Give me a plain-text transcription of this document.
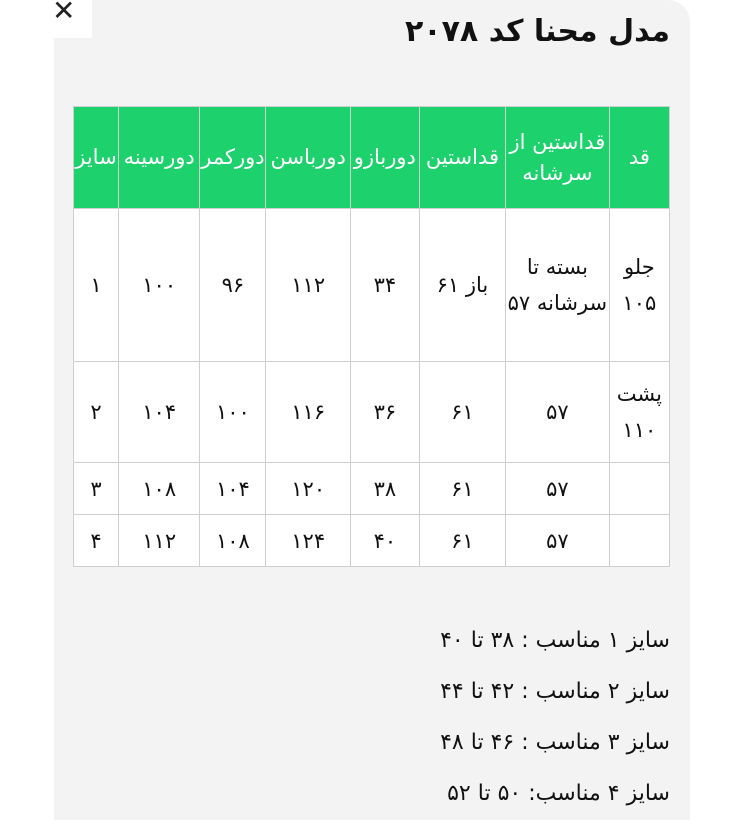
✕
مدل محنا کد ۲۰۷۸
قد	قداستین از سرشانه	قداستین	دوربازو	دورباسن	دورکمر	دورسینه	سایز
جلو ۱۰۵	بسته تا سرشانه ۵۷	باز ۶۱	۳۴	۱۱۲	۹۶	۱۰۰	۱
پشت ۱۱۰	۵۷	۶۱	۳۶	۱۱۶	۱۰۰	۱۰۴	۲
	۵۷	۶۱	۳۸	۱۲۰	۱۰۴	۱۰۸	۳
	۵۷	۶۱	۴۰	۱۲۴	۱۰۸	۱۱۲	۴
سایز ۱ مناسب : ۳۸ تا ۴۰
سایز ۲ مناسب : ۴۲ تا ۴۴
سایز ۳ مناسب : ۴۶ تا ۴۸
سایز ۴ مناسب: ۵۰ تا ۵۲
